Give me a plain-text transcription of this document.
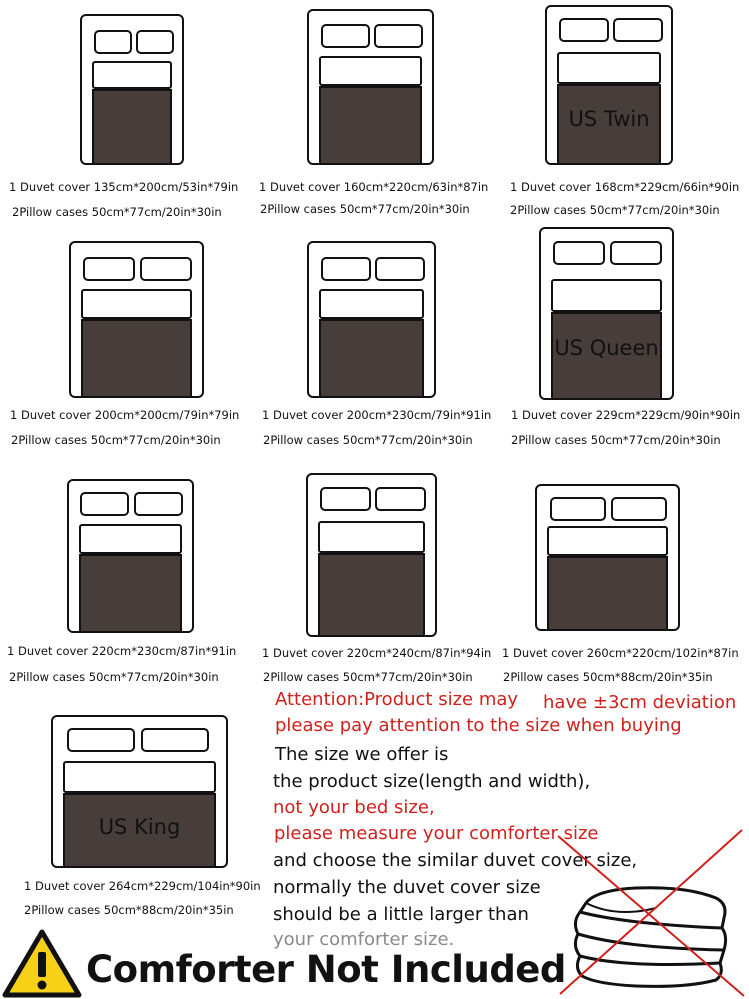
US Twin
1 Duvet cover 135cm*200cm/53in*79in
2Pillow cases 50cm*77cm/20in*30in
1 Duvet cover 160cm*220cm/63in*87in
2Pillow cases 50cm*77cm/20in*30in
1 Duvet cover 168cm*229cm/66in*90in
2Pillow cases 50cm*77cm/20in*30in
US Queen
1 Duvet cover 200cm*200cm/79in*79in
2Pillow cases 50cm*77cm/20in*30in
1 Duvet cover 200cm*230cm/79in*91in
2Pillow cases 50cm*77cm/20in*30in
1 Duvet cover 229cm*229cm/90in*90in
2Pillow cases 50cm*77cm/20in*30in
1 Duvet cover 220cm*230cm/87in*91in
2Pillow cases 50cm*77cm/20in*30in
1 Duvet cover 220cm*240cm/87in*94in
2Pillow cases 50cm*77cm/20in*30in
1 Duvet cover 260cm*220cm/102in*87in
2Pillow cases 50cm*88cm/20in*35in
US King
1 Duvet cover 264cm*229cm/104in*90in
2Pillow cases 50cm*88cm/20in*35in
Attention:Product size may have ±3cm deviation
please pay attention to the size when buying
The size we offer is
the product size(length and width),
not your bed size,
please measure your comforter size
and choose the similar duvet cover size,
normally the duvet cover size
should be a little larger than
your comforter size.
Comforter Not Included
